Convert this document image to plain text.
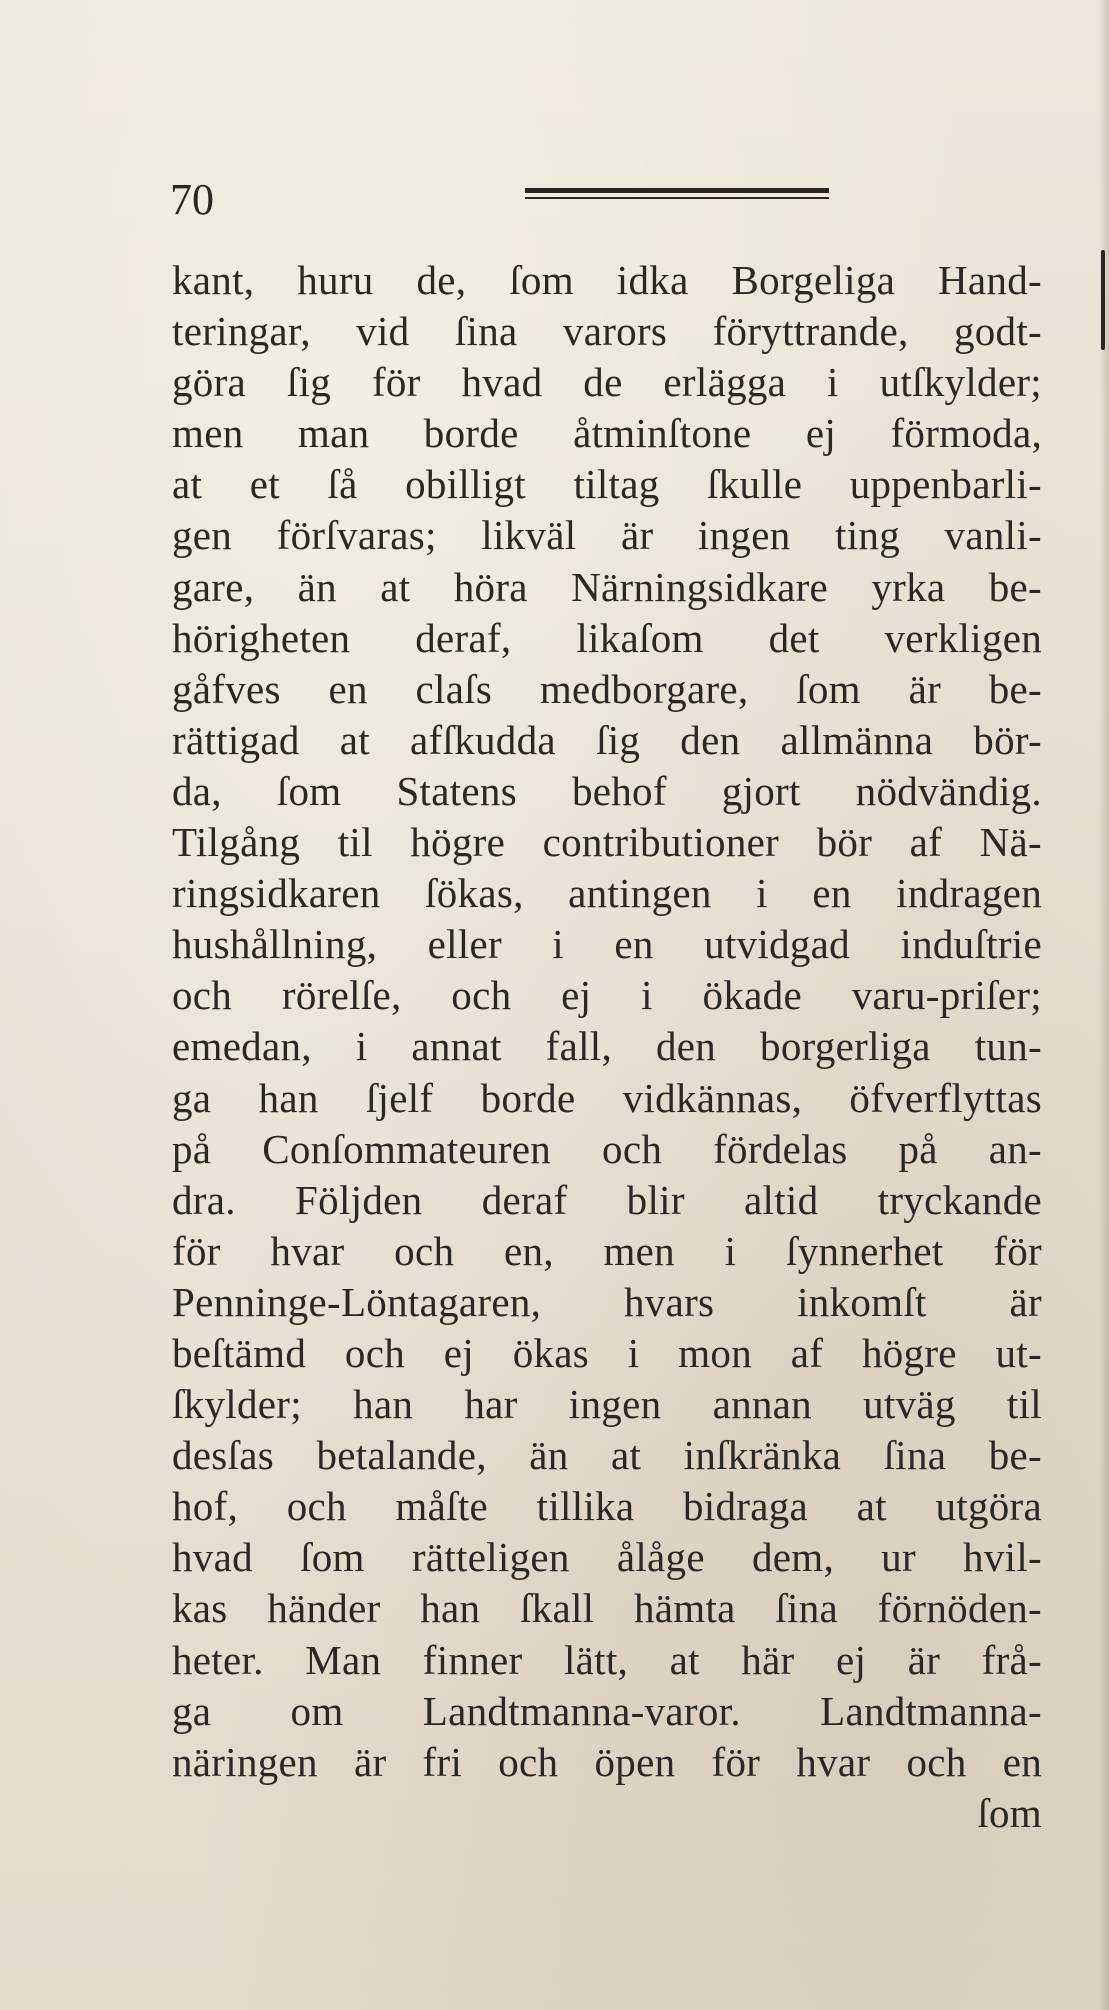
70
kant, huru de, ſom idka Borgeliga Hand-
teringar, vid ſina varors föryttrande, godt-
göra ſig för hvad de erlägga i utſkylder;
men man borde åtminſtone ej förmoda,
at et ſå obilligt tiltag ſkulle uppenbarli-
gen förſvaras; likväl är ingen ting vanli-
gare, än at höra Närningsidkare yrka be-
hörigheten deraf, likaſom det verkligen
gåfves en claſs medborgare, ſom är be-
rättigad at afſkudda ſig den allmänna bör-
da, ſom Statens behof gjort nödvändig.
Tilgång til högre contributioner bör af Nä-
ringsidkaren ſökas, antingen i en indragen
hushållning, eller i en utvidgad induſtrie
och rörelſe, och ej i ökade varu-priſer;
emedan, i annat fall, den borgerliga tun-
ga han ſjelf borde vidkännas, öfverflyttas
på Conſommateuren och fördelas på an-
dra. Följden deraf blir altid tryckande
för hvar och en, men i ſynnerhet för
Penninge-Löntagaren, hvars inkomſt är
beſtämd och ej ökas i mon af högre ut-
ſkylder; han har ingen annan utväg til
desſas betalande, än at inſkränka ſina be-
hof, och måſte tillika bidraga at utgöra
hvad ſom rätteligen ålåge dem, ur hvil-
kas händer han ſkall hämta ſina förnöden-
heter. Man finner lätt, at här ej är frå-
ga om Landtmanna-varor. Landtmanna-
näringen är fri och öpen för hvar och en
ſom
